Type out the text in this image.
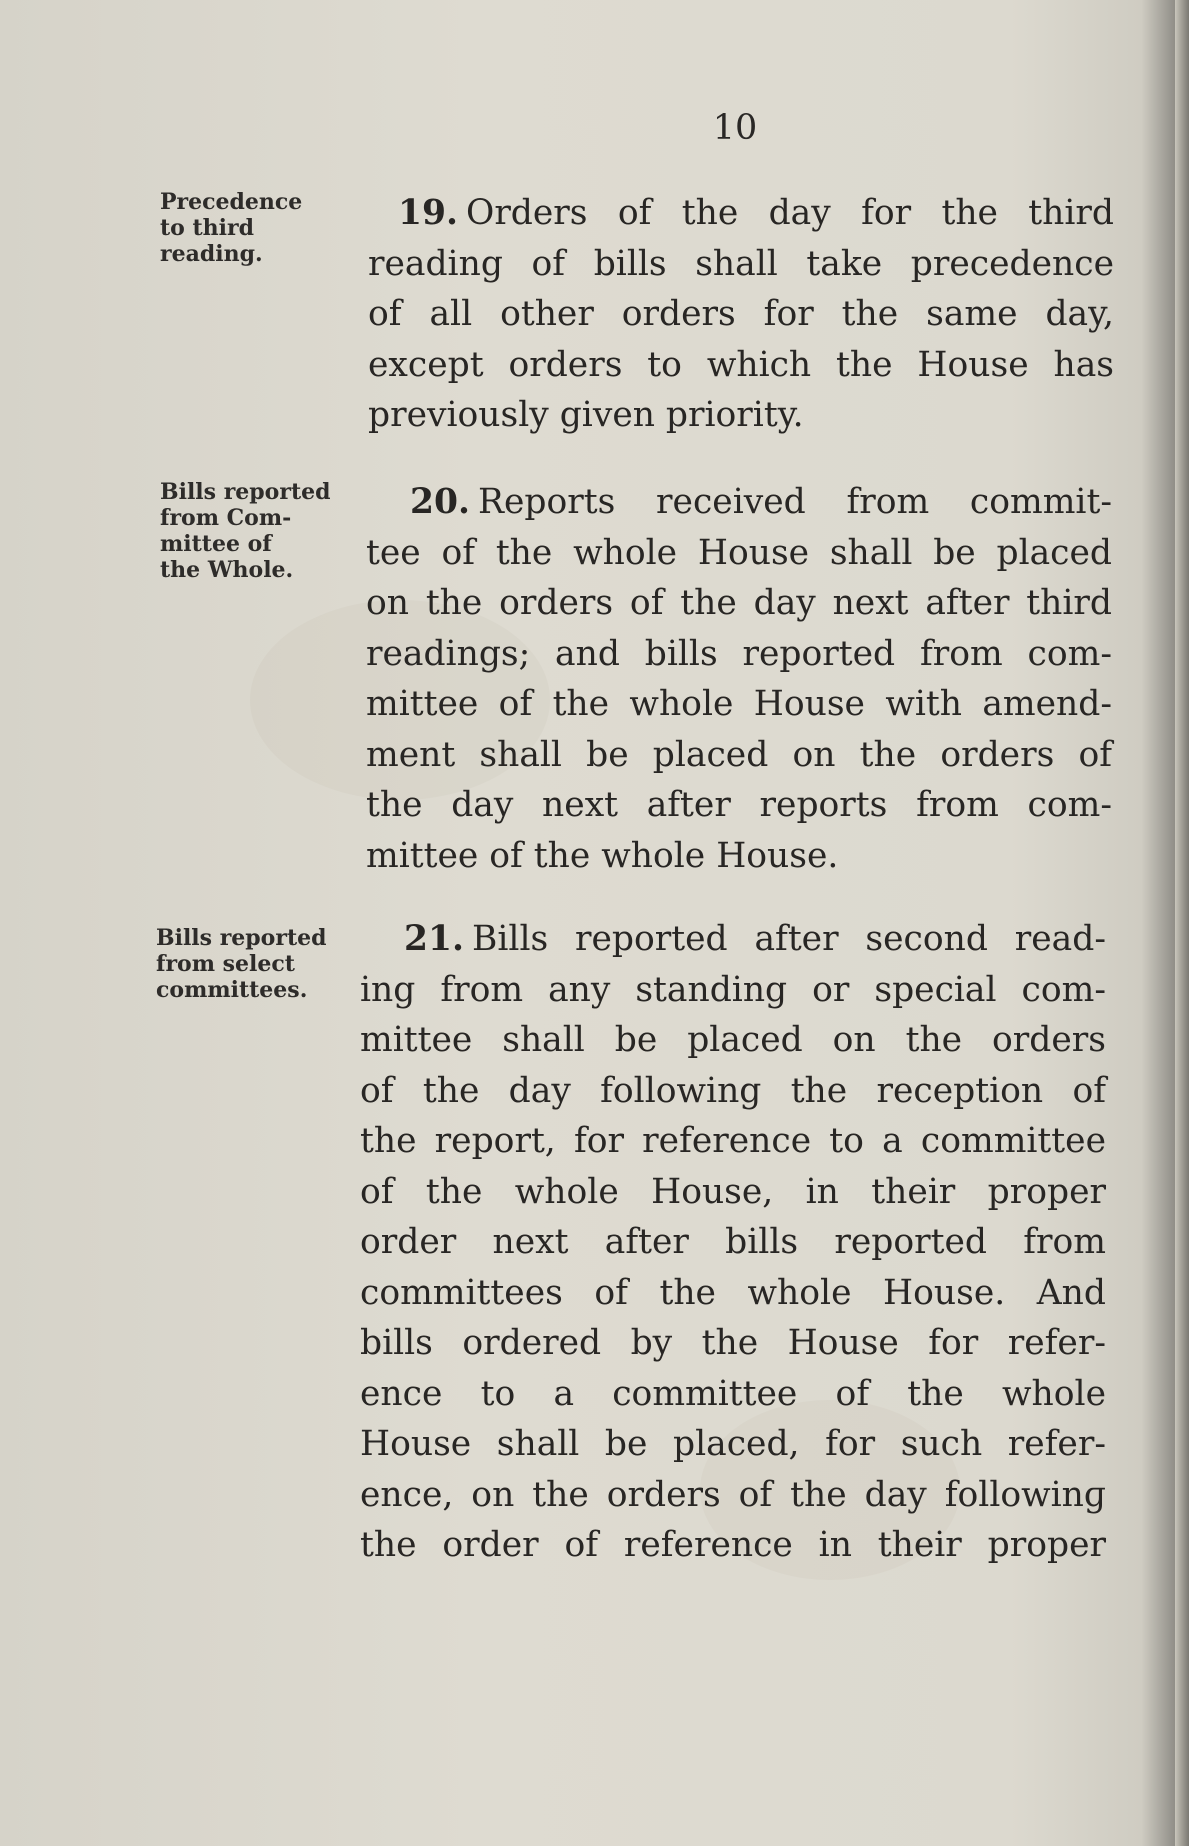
10
Precedence
to third
reading.
19. Orders of the day for the third
reading of bills shall take precedence
of all other orders for the same day,
except orders to which the House has
previously given priority.
Bills reported
from Com-
mittee of
the Whole.
20. Reports received from commit-
tee of the whole House shall be placed
on the orders of the day next after third
readings; and bills reported from com-
mittee of the whole House with amend-
ment shall be placed on the orders of
the day next after reports from com-
mittee of the whole House.
Bills reported
from select
committees.
21. Bills reported after second read-
ing from any standing or special com-
mittee shall be placed on the orders
of the day following the reception of
the report, for reference to a committee
of the whole House, in their proper
order next after bills reported from
committees of the whole House. And
bills ordered by the House for refer-
ence to a committee of the whole
House shall be placed, for such refer-
ence, on the orders of the day followinɡ
the order of reference in their proper
